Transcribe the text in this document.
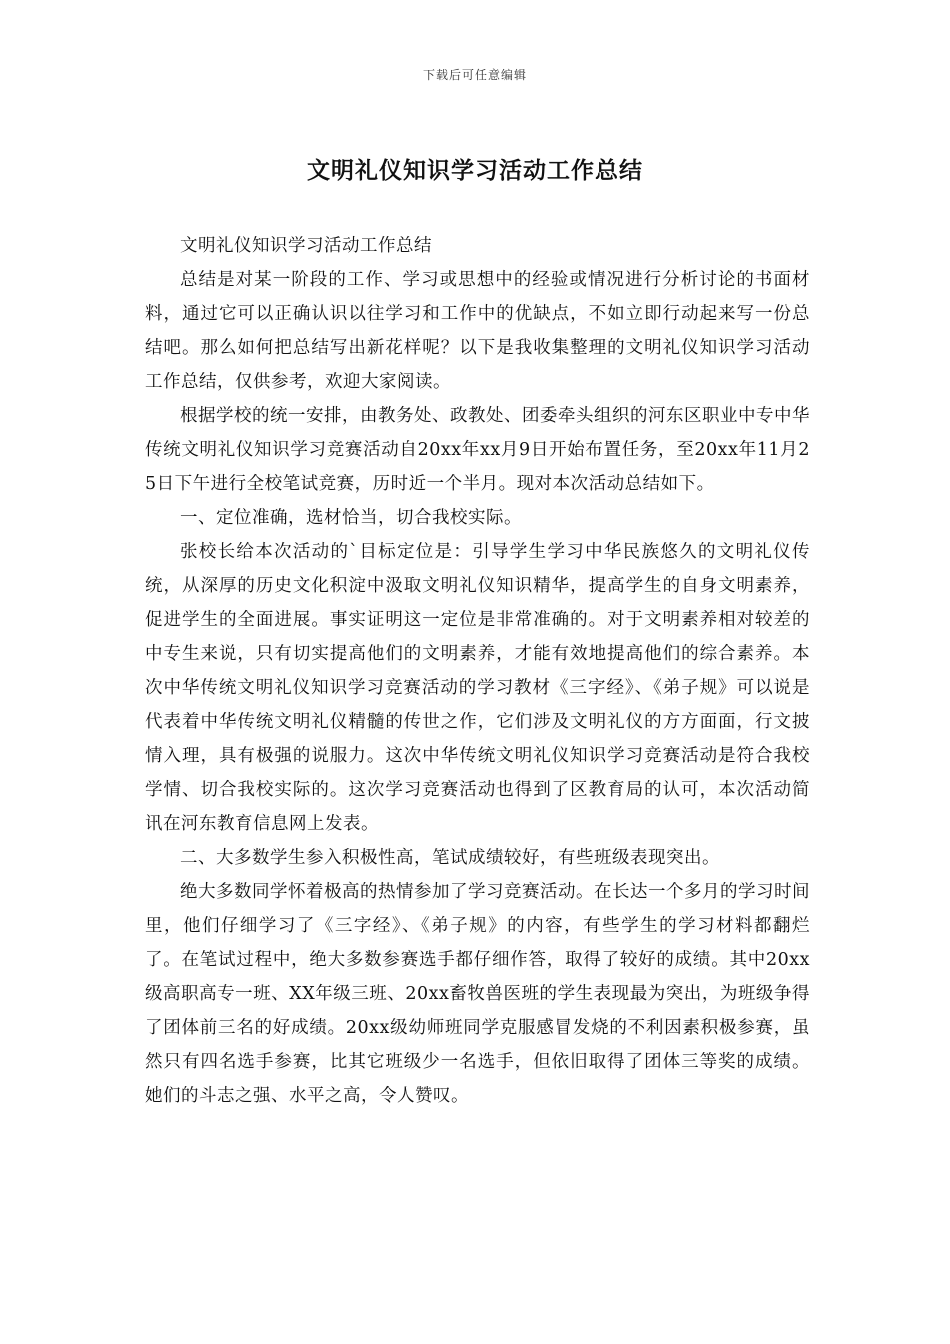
下载后可任意编辑
文明礼仪知识学习活动工作总结

文明礼仪知识学习活动工作总结

总结是对某一阶段的工作、学习或思想中的经验或情况进行分析讨论的书面材料，通过它可以正确认识以往学习和工作中的优缺点，不如立即行动起来写一份总结吧。那么如何把总结写出新花样呢？以下是我收集整理的文明礼仪知识学习活动工作总结，仅供参考，欢迎大家阅读。

根据学校的统一安排，由教务处、政教处、团委牵头组织的河东区职业中专中华传统文明礼仪知识学习竞赛活动自20xx年xx月9日开始布置任务，至20xx年11月25日下午进行全校笔试竞赛，历时近一个半月。现对本次活动总结如下。

一、定位准确，选材恰当，切合我校实际。

张校长给本次活动的`目标定位是：引导学生学习中华民族悠久的文明礼仪传统，从深厚的历史文化积淀中汲取文明礼仪知识精华，提高学生的自身文明素养，促进学生的全面进展。事实证明这一定位是非常准确的。对于文明素养相对较差的中专生来说，只有切实提高他们的文明素养，才能有效地提高他们的综合素养。本次中华传统文明礼仪知识学习竞赛活动的学习教材《三字经》、《弟子规》可以说是代表着中华传统文明礼仪精髓的传世之作，它们涉及文明礼仪的方方面面，行文披情入理，具有极强的说服力。这次中华传统文明礼仪知识学习竞赛活动是符合我校学情、切合我校实际的。这次学习竞赛活动也得到了区教育局的认可，本次活动简讯在河东教育信息网上发表。

二、大多数学生参入积极性高，笔试成绩较好，有些班级表现突出。

绝大多数同学怀着极高的热情参加了学习竞赛活动。在长达一个多月的学习时间里，他们仔细学习了《三字经》、《弟子规》的内容，有些学生的学习材料都翻烂了。在笔试过程中，绝大多数参赛选手都仔细作答，取得了较好的成绩。其中20xx级高职高专一班、XX年级三班、20xx畜牧兽医班的学生表现最为突出，为班级争得了团体前三名的好成绩。20xx级幼师班同学克服感冒发烧的不利因素积极参赛，虽然只有四名选手参赛，比其它班级少一名选手，但依旧取得了团体三等奖的成绩。她们的斗志之强、水平之高，令人赞叹。
